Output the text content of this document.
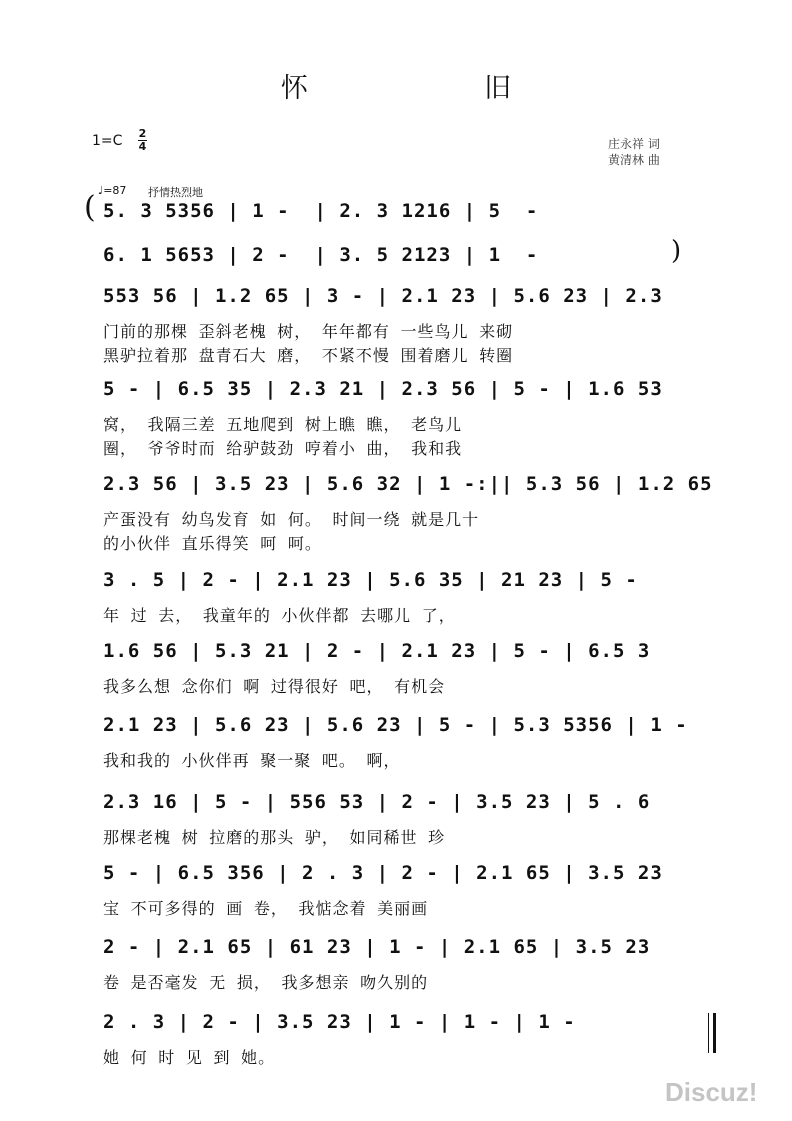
怀	旧
1=C 2
4	庄永祥 词
黄清林 曲
♩=87 抒情热烈地
(
)
5. 3 5356 | 1 -  | 2. 3 1216 | 5  -
6. 1 5653 | 2 -  | 3. 5 2123 | 1  -
553 56 | 1.2 65 | 3 - | 2.1 23 | 5.6 23 | 2.3
门前的那棵 歪斜老槐 树， 年年都有 一些鸟儿 来砌
黑驴拉着那 盘青石大 磨， 不紧不慢 围着磨儿 转圈
5 - | 6.5 35 | 2.3 21 | 2.3 56 | 5 - | 1.6 53
窝， 我隔三差 五地爬到 树上瞧 瞧， 老鸟儿
圈， 爷爷时而 给驴鼓劲 哼着小 曲， 我和我
2.3 56 | 3.5 23 | 5.6 32 | 1 -:|| 5.3 56 | 1.2 65
产蛋没有 幼鸟发育 如 何。 时间一绕 就是几十
的小伙伴 直乐得笑 呵 呵。
3 . 5 | 2 - | 2.1 23 | 5.6 35 | 21 23 | 5 -
年 过 去， 我童年的 小伙伴都 去哪儿 了，
1.6 56 | 5.3 21 | 2 - | 2.1 23 | 5 - | 6.5 3
我多么想 念你们 啊 过得很好 吧， 有机会
2.1 23 | 5.6 23 | 5.6 23 | 5 - | 5.3 5356 | 1 -
我和我的 小伙伴再 聚一聚 吧。 啊，
2.3 16 | 5 - | 556 53 | 2 - | 3.5 23 | 5 . 6
那棵老槐 树 拉磨的那头 驴， 如同稀世 珍
5 - | 6.5 356 | 2 . 3 | 2 - | 2.1 65 | 3.5 23
宝 不可多得的 画 卷， 我惦念着 美丽画
2 - | 2.1 65 | 61 23 | 1 - | 2.1 65 | 3.5 23
卷 是否毫发 无 损， 我多想亲 吻久别的
2 . 3 | 2 - | 3.5 23 | 1 - | 1 - | 1 -
她 何 时 见 到 她。
Discuz!
